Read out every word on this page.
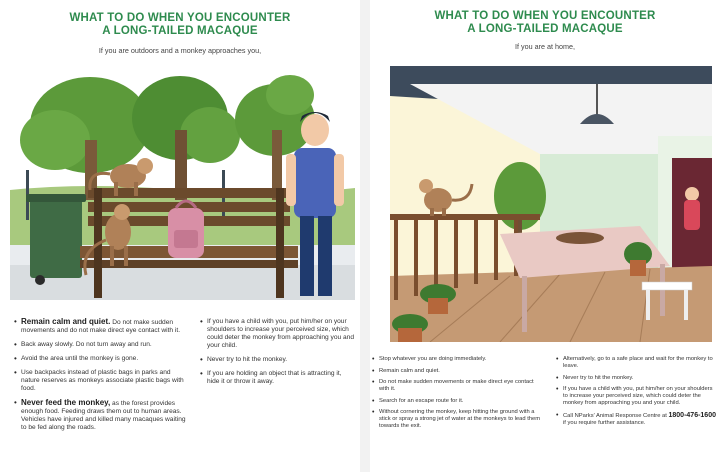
WHAT TO DO WHEN YOU ENCOUNTER
A LONG-TAILED MACAQUE
If you are outdoors and a monkey approaches you,
• Remain calm and quiet. Do not make sudden movements and do not make direct eye contact with it.
• Back away slowly. Do not turn away and run.
• Avoid the area until the monkey is gone.
• Use backpacks instead of plastic bags in parks and nature reserves as monkeys associate plastic bags with food.
• Never feed the monkey, as the forest provides enough food. Feeding draws them out to human areas. Vehicles have injured and killed many macaques waiting to be fed along the roads.
• If you have a child with you, put him/her on your shoulders to increase your perceived size, which could deter the monkey from approaching you and your child.
• Never try to hit the monkey.
• If you are holding an object that is attracting it, hide it or throw it away.
WHAT TO DO WHEN YOU ENCOUNTER
A LONG-TAILED MACAQUE
If you are at home,
• Stop whatever you are doing immediately.
• Remain calm and quiet.
• Do not make sudden movements or make direct eye contact with it.
• Search for an escape route for it.
• Without cornering the monkey, keep hitting the ground with a stick or spray a strong jet of water at the monkeys to lead them towards the exit.
• Alternatively, go to a safe place and wait for the monkey to leave.
• Never try to hit the monkey.
• If you have a child with you, put him/her on your shoulders to increase your perceived size, which could deter the monkey from approaching you and your child.
• Call NParks' Animal Response Centre at 1800-476-1600 if you require further assistance.
